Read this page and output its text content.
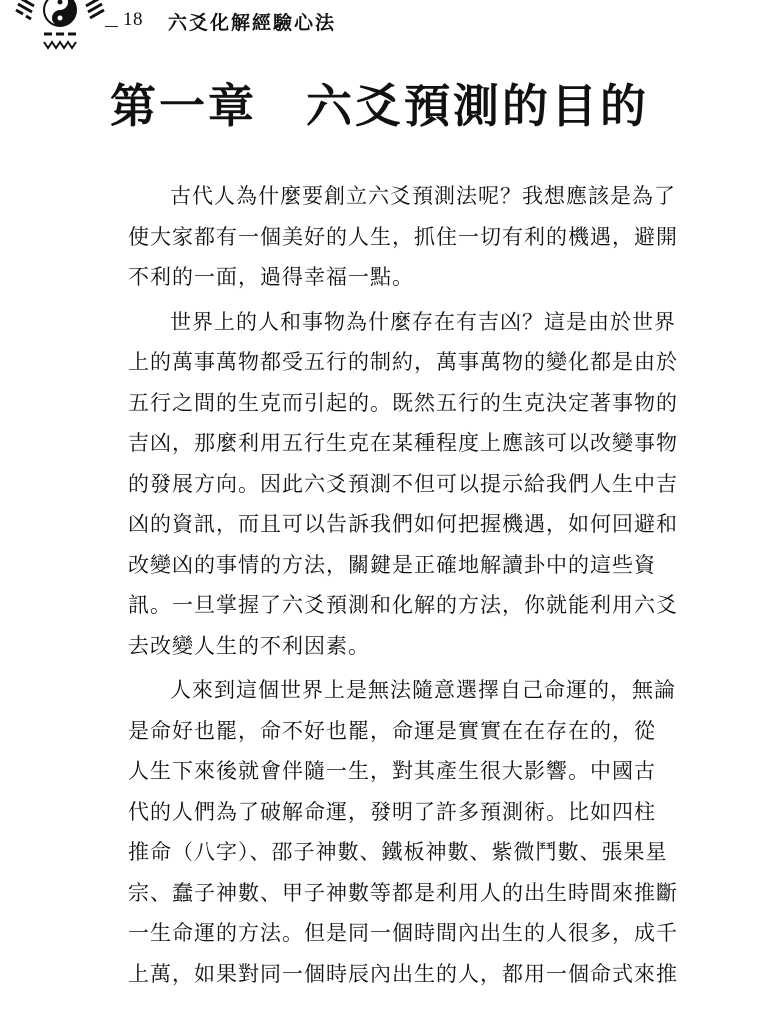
18 六爻化解經驗心法
第一章　六爻預測的目的
古代人為什麼要創立六爻預測法呢？我想應該是為了
使大家都有一個美好的人生，抓住一切有利的機遇，避開
不利的一面，過得幸福一點。
世界上的人和事物為什麼存在有吉凶？這是由於世界
上的萬事萬物都受五行的制約，萬事萬物的變化都是由於
五行之間的生克而引起的。既然五行的生克決定著事物的
吉凶，那麼利用五行生克在某種程度上應該可以改變事物
的發展方向。因此六爻預測不但可以提示給我們人生中吉
凶的資訊，而且可以告訴我們如何把握機遇，如何回避和
改變凶的事情的方法，關鍵是正確地解讀卦中的這些資
訊。一旦掌握了六爻預測和化解的方法，你就能利用六爻
去改變人生的不利因素。
人來到這個世界上是無法隨意選擇自己命運的，無論
是命好也罷，命不好也罷，命運是實實在在存在的，從
人生下來後就會伴隨一生，對其產生很大影響。中國古
代的人們為了破解命運，發明了許多預測術。比如四柱
推命（八字）、邵子神數、鐵板神數、紫微鬥數、張果星
宗、蠢子神數、甲子神數等都是利用人的出生時間來推斷
一生命運的方法。但是同一個時間內出生的人很多，成千
上萬，如果對同一個時辰內出生的人，都用一個命式來推
